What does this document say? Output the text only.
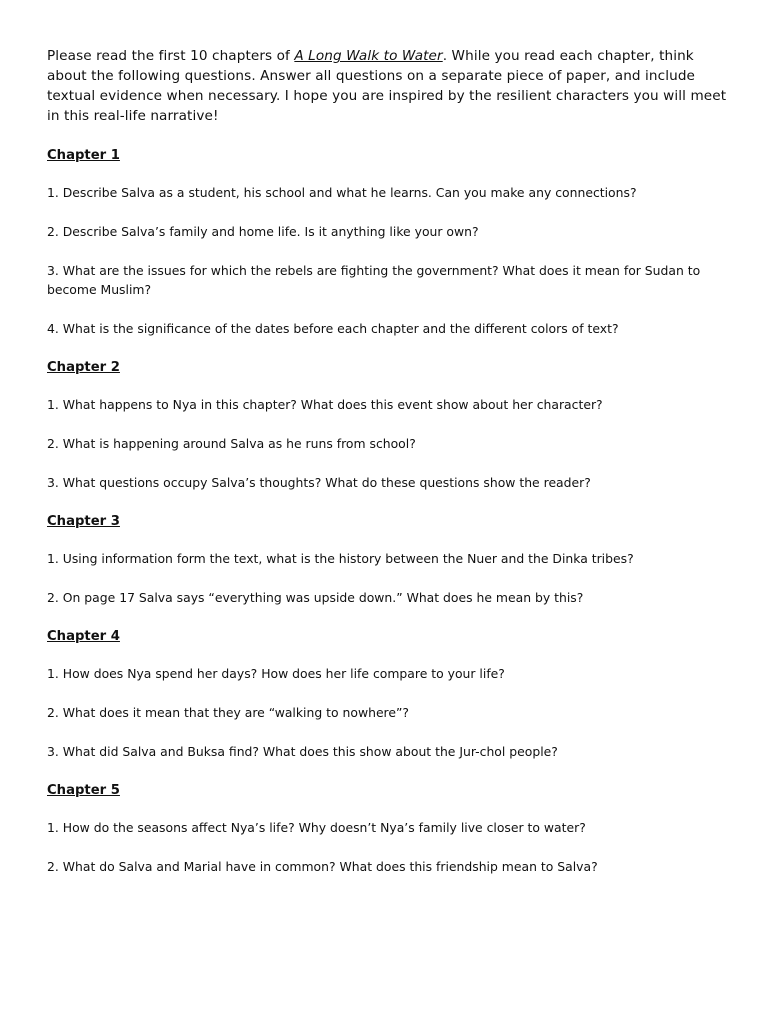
Please read the first 10 chapters of A Long Walk to Water. While you read each chapter, think about the following questions. Answer all questions on a separate piece of paper, and include textual evidence when necessary. I hope you are inspired by the resilient characters you will meet in this real-life narrative!

Chapter 1

1. Describe Salva as a student, his school and what he learns. Can you make any connections?

2. Describe Salva’s family and home life. Is it anything like your own?

3. What are the issues for which the rebels are fighting the government? What does it mean for Sudan to become Muslim?

4. What is the significance of the dates before each chapter and the different colors of text?

Chapter 2

1. What happens to Nya in this chapter? What does this event show about her character?

2. What is happening around Salva as he runs from school?

3. What questions occupy Salva’s thoughts? What do these questions show the reader?

Chapter 3

1. Using information form the text, what is the history between the Nuer and the Dinka tribes?

2. On page 17 Salva says “everything was upside down.” What does he mean by this?

Chapter 4

1. How does Nya spend her days? How does her life compare to your life?

2. What does it mean that they are “walking to nowhere”?

3. What did Salva and Buksa find? What does this show about the Jur-chol people?

Chapter 5

1. How do the seasons affect Nya’s life? Why doesn’t Nya’s family live closer to water?

2. What do Salva and Marial have in common? What does this friendship mean to Salva?
